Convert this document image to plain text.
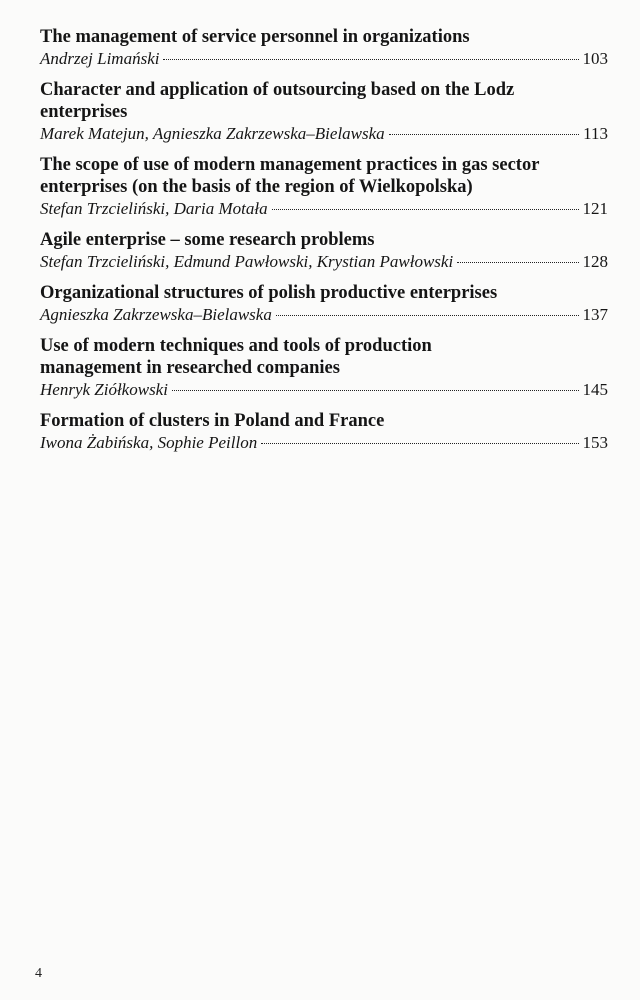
The management of service personnel in organizations
Andrzej Limański	103
Character and application of outsourcing based on the Lodz enterprises
Marek Matejun, Agnieszka Zakrzewska–Bielawska	113
The scope of use of modern management practices in gas sector enterprises (on the basis of the region of Wielkopolska)
Stefan Trzcieliński, Daria Motała	121
Agile enterprise – some research problems
Stefan Trzcieliński, Edmund Pawłowski, Krystian Pawłowski	128
Organizational structures of polish productive enterprises
Agnieszka Zakrzewska–Bielawska	137
Use of modern techniques and tools of production management in researched companies
Henryk Ziółkowski	145
Formation of clusters in Poland and France
Iwona Żabińska, Sophie Peillon	153
4
